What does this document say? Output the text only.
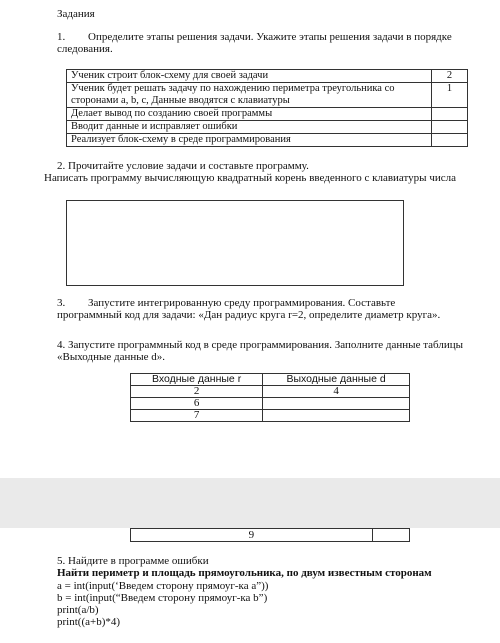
Задания
1. Определите этапы решения задачи. Укажите этапы решения задачи в порядке
следования.
Ученик строит блок-схему для своей задачи	2
Ученик будет решать задачу по нахождению периметра треугольника со
сторонами a, b, c, Данные вводятся с клавиатуры	1
Делает вывод по созданию своей программы	
Вводит данные и исправляет ошибки	
Реализует блок-схему в среде программирования	
2. Прочитайте условие задачи и составьте программу.
Написать программу вычисляющую квадратный корень введенного с клавиатуры числа
3. Запустите интегрированную среду программирования. Составьте
программный код для задачи: «Дан радиус круга r=2, определите диаметр круга».
4. Запустите программный код в среде программирования. Заполните данные таблицы
«Выходные данные d».
Входные данные r	Выходные данные d
2	4
6	
7	
9	
5. Найдите в программе ошибки
Найти периметр и площадь прямоугольника, по двум известным сторонам
a = int(input(‘Введем сторону прямоуг-ка a”))
b = int(input(“Введем сторону прямоуг-ка b”)
print(a/b)
print((a+b)*4)
